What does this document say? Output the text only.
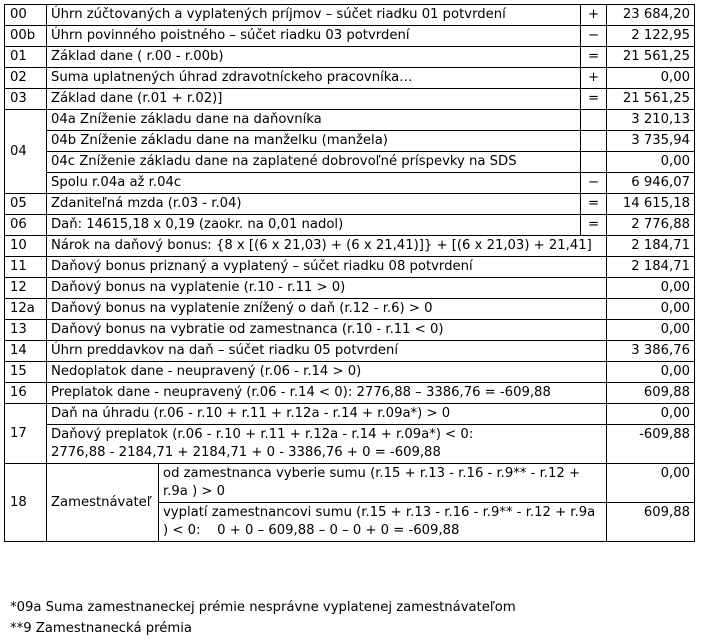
00	Úhrn zúčtovaných a vyplatených príjmov – súčet riadku 01 potvrdení		+	23 684,20
00b	Úhrn povinného poistného – súčet riadku 03 potvrdení		−	2 122,95
01	Základ dane ( r.00 - r.00b)		=	21 561,25
02	Suma uplatnených úhrad zdravotníckeho pracovníka…		+	0,00
03	Základ dane (r.01 + r.02)]		=	21 561,25
04	04a Zníženie základu dane na daňovníka			3 210,13
	04b Zníženie základu dane na manželku (manžela)			3 735,94
	04c Zníženie základu dane na zaplatené dobrovoľné príspevky na SDS			0,00
	Spolu r.04a až r.04c		−	6 946,07
05	Zdaniteľná mzda (r.03 - r.04)		=	14 615,18
06	Daň: 14615,18 x 0,19 (zaokr. na 0,01 nadol)		=	2 776,88
10	Nárok na daňový bonus: {8 x [(6 x 21,03) + (6 x 21,41)]} + [(6 x 21,03) + 21,41]			2 184,71
11	Daňový bonus priznaný a vyplatený – súčet riadku 08 potvrdení			2 184,71
12	Daňový bonus na vyplatenie (r.10 - r.11 > 0)			0,00
12a	Daňový bonus na vyplatenie znížený o daň (r.12 - r.6) > 0			0,00
13	Daňový bonus na vybratie od zamestnanca (r.10 - r.11 < 0)			0,00
14	Úhrn preddavkov na daň – súčet riadku 05 potvrdení			3 386,76
15	Nedoplatok dane - neupravený (r.06 - r.14 > 0)			0,00
16	Preplatok dane - neupravený (r.06 - r.14 < 0): 2776,88 – 3386,76 = -609,88			609,88
17	Daň na úhradu (r.06 - r.10 + r.11 + r.12a - r.14 + r.09a*) > 0			0,00

	Daňový preplatok (r.06 - r.10 + r.11 + r.12a - r.14 + r.09a*) < 0:
2776,88 - 2184,71 + 2184,71 + 0 - 3386,76 + 0 = -609,88			-609,88
18	Zamestnávateľ	od zamestnanca vyberie sumu (r.15 + r.13 - r.16 - r.9** - r.12 + r.9a ) > 0		0,00
		vyplatí zamestnancovi sumu (r.15 + r.13 - r.16 - r.9** - r.12 + r.9a ) < 0:    0 + 0 – 609,88 – 0 – 0 + 0 = -609,88		609,88
*09a Suma zamestnaneckej prémie nesprávne vyplatenej zamestnávateľom
**9 Zamestnanecká prémia
